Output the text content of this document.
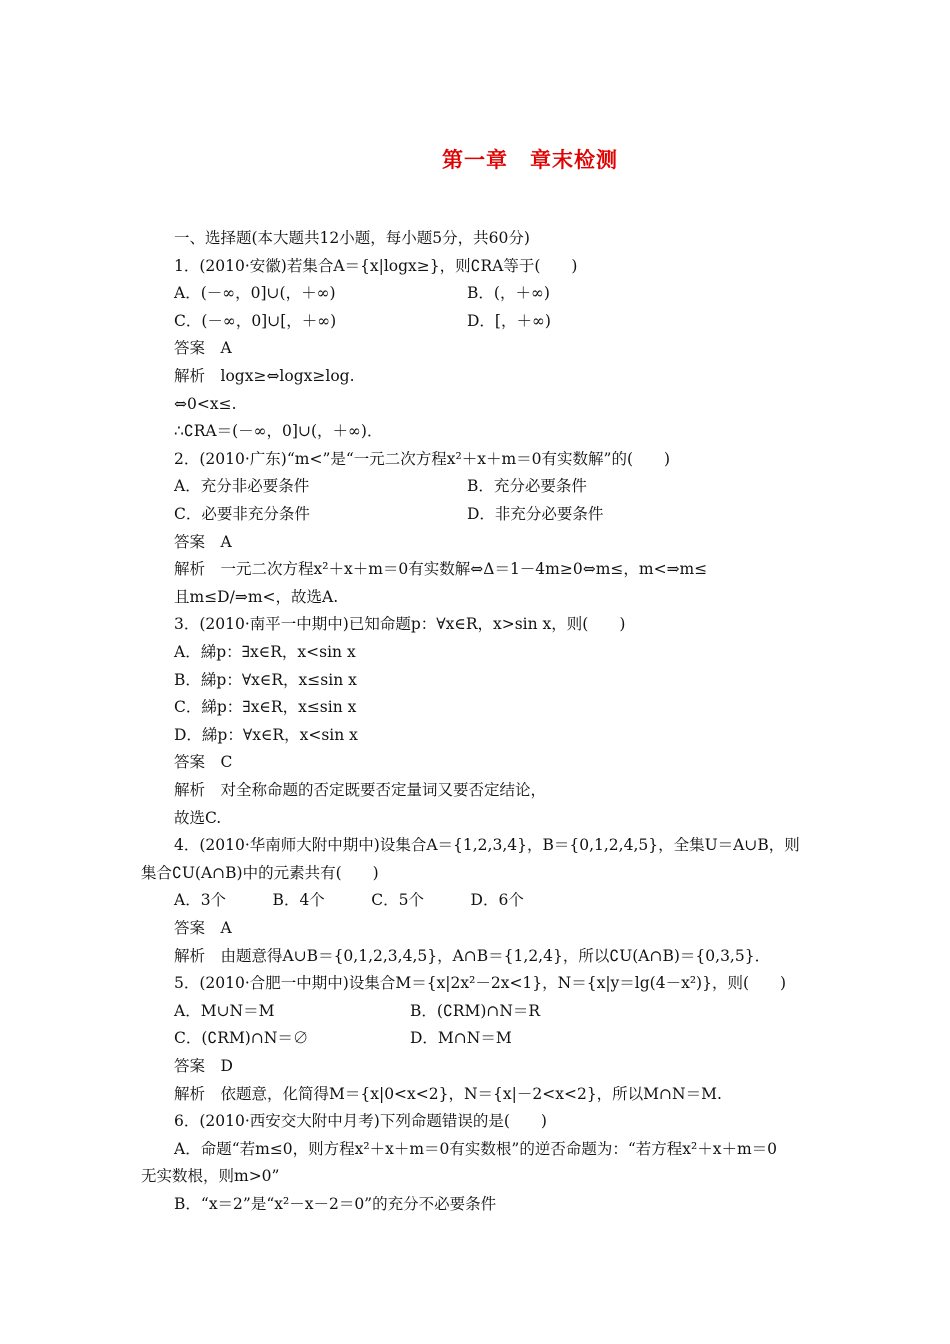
第一章 章末检测
一、选择题(本大题共12小题，每小题5分，共60分)
1．(2010·安徽)若集合A＝{x|logx≥}，则∁RA等于(　　)
A．(－∞，0]∪(，＋∞)	B．(，＋∞)
C．(－∞，0]∪[，＋∞)	D．[，＋∞)
答案　A
解析　logx≥⇔logx≥log.
⇔0<x≤.
∴∁RA＝(－∞，0]∪(，＋∞)．
2．(2010·广东)“m<”是“一元二次方程x²＋x＋m＝0有实数解”的(　　)
A．充分非必要条件	B．充分必要条件
C．必要非充分条件	D．非充分必要条件
答案　A
解析　一元二次方程x²＋x＋m＝0有实数解⇔Δ＝1－4m≥0⇔m≤，m<⇒m≤
且m≤D/⇒m<，故选A.
3．(2010·南平一中期中)已知命题p：∀x∈R，x>sin x，则(　　)
A．綈p：∃x∈R，x<sin x
B．綈p：∀x∈R，x≤sin x
C．綈p：∃x∈R，x≤sin x
D．綈p：∀x∈R，x<sin x
答案　C
解析　对全称命题的否定既要否定量词又要否定结论，
故选C.
4．(2010·华南师大附中期中)设集合A＝{1,2,3,4}，B＝{0,1,2,4,5}，全集U＝A∪B，则
集合∁U(A∩B)中的元素共有(　　)
A．3个　　　B．4个　　　C．5个　　　D．6个
答案　A
解析　由题意得A∪B＝{0,1,2,3,4,5}，A∩B＝{1,2,4}，所以∁U(A∩B)＝{0,3,5}．
5．(2010·合肥一中期中)设集合M＝{x|2x²－2x<1}，N＝{x|y＝lg(4－x²)}，则(　　)
A．M∪N＝M	B．(∁RM)∩N＝R
C．(∁RM)∩N＝∅	D．M∩N＝M
答案　D
解析　依题意，化简得M＝{x|0<x<2}，N＝{x|－2<x<2}，所以M∩N＝M.
6．(2010·西安交大附中月考)下列命题错误的是(　　)
A．命题“若m≤0，则方程x²＋x＋m＝0有实数根”的逆否命题为：“若方程x²＋x＋m＝0
无实数根，则m>0”
B．“x＝2”是“x²－x－2＝0”的充分不必要条件
